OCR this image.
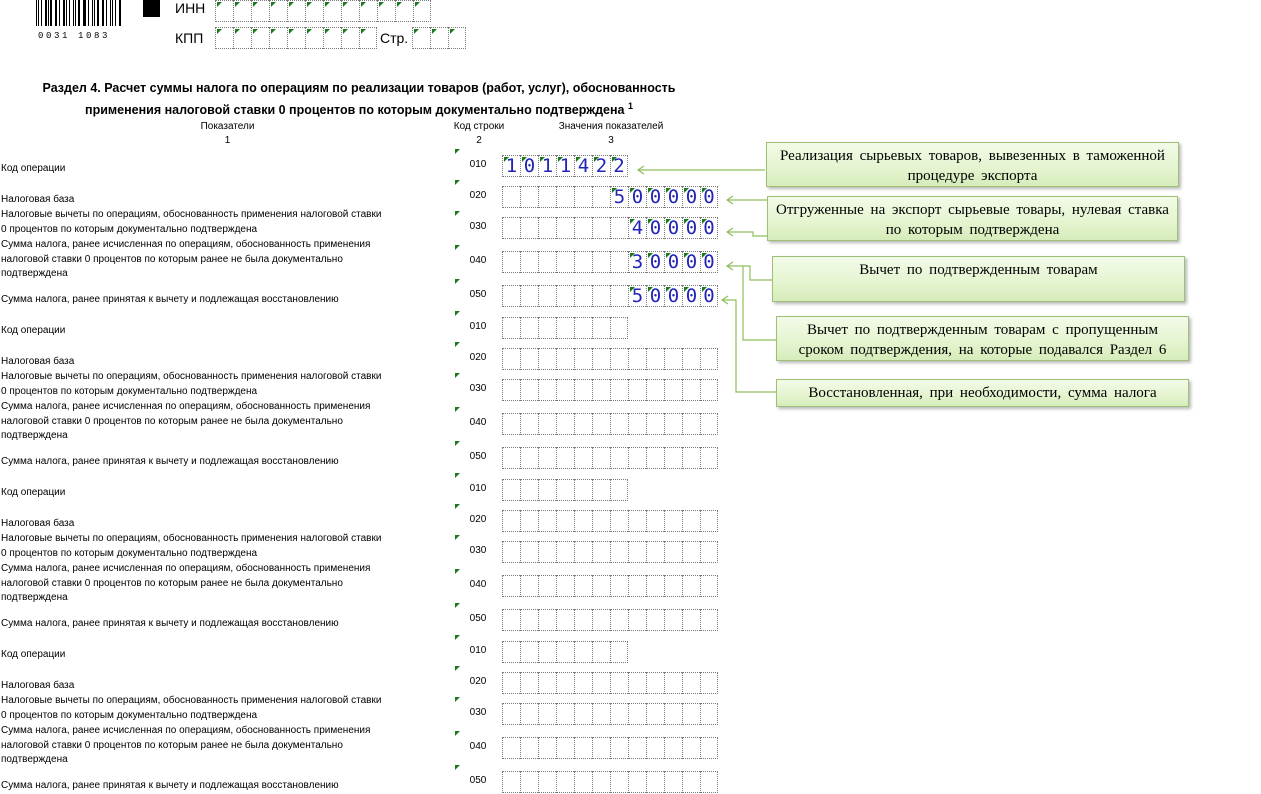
0031 1083
ИНН
КПП	Стр.
Раздел 4. Расчет суммы налога по операциям по реализации товаров (работ, услуг), обоснованность
применения налоговой ставки 0 процентов по которым документально подтверждена $^1$
Показатели
1
Код строки
2
Значения показателей
3
Код операции	010	1 0 1 1 4 2 2
Налоговая база	020	5 0 0 0 0 0
Налоговые вычеты по операциям, обоснованность применения налоговой ставки
0 процентов по которым документально подтверждена	030	4 0 0 0 0
Сумма налога, ранее исчисленная по операциям, обоснованность применения
налоговой ставки 0 процентов по которым ранее не была документально
подтверждена
040	3 0 0 0 0
Сумма налога, ранее принятая к вычету и подлежащая восстановлению	050	5 0 0 0 0
Код операции	010
Налоговая база	020
Налоговые вычеты по операциям, обоснованность применения налоговой ставки
0 процентов по которым документально подтверждена	030
Сумма налога, ранее исчисленная по операциям, обоснованность применения
налоговой ставки 0 процентов по которым ранее не была документально
подтверждена
040
Сумма налога, ранее принятая к вычету и подлежащая восстановлению	050
Код операции	010
Налоговая база	020
Налоговые вычеты по операциям, обоснованность применения налоговой ставки
0 процентов по которым документально подтверждена	030
Сумма налога, ранее исчисленная по операциям, обоснованность применения
налоговой ставки 0 процентов по которым ранее не была документально
подтверждена
040
Сумма налога, ранее принятая к вычету и подлежащая восстановлению	050
Код операции	010
Налоговая база	020
Налоговые вычеты по операциям, обоснованность применения налоговой ставки
0 процентов по которым документально подтверждена	030
Сумма налога, ранее исчисленная по операциям, обоснованность применения
налоговой ставки 0 процентов по которым ранее не была документально
подтверждена
040
Сумма налога, ранее принятая к вычету и подлежащая восстановлению	050
Реализация сырьевых товаров, вывезенных в таможенной процедуре экспорта
Отгруженные на экспорт сырьевые товары, нулевая ставка по которым подтверждена
Вычет по подтвержденным товарам
Вычет по подтвержденным товарам с пропущенным сроком подтверждения, на которые подавался Раздел 6
Восстановленная, при необходимости, сумма налога
